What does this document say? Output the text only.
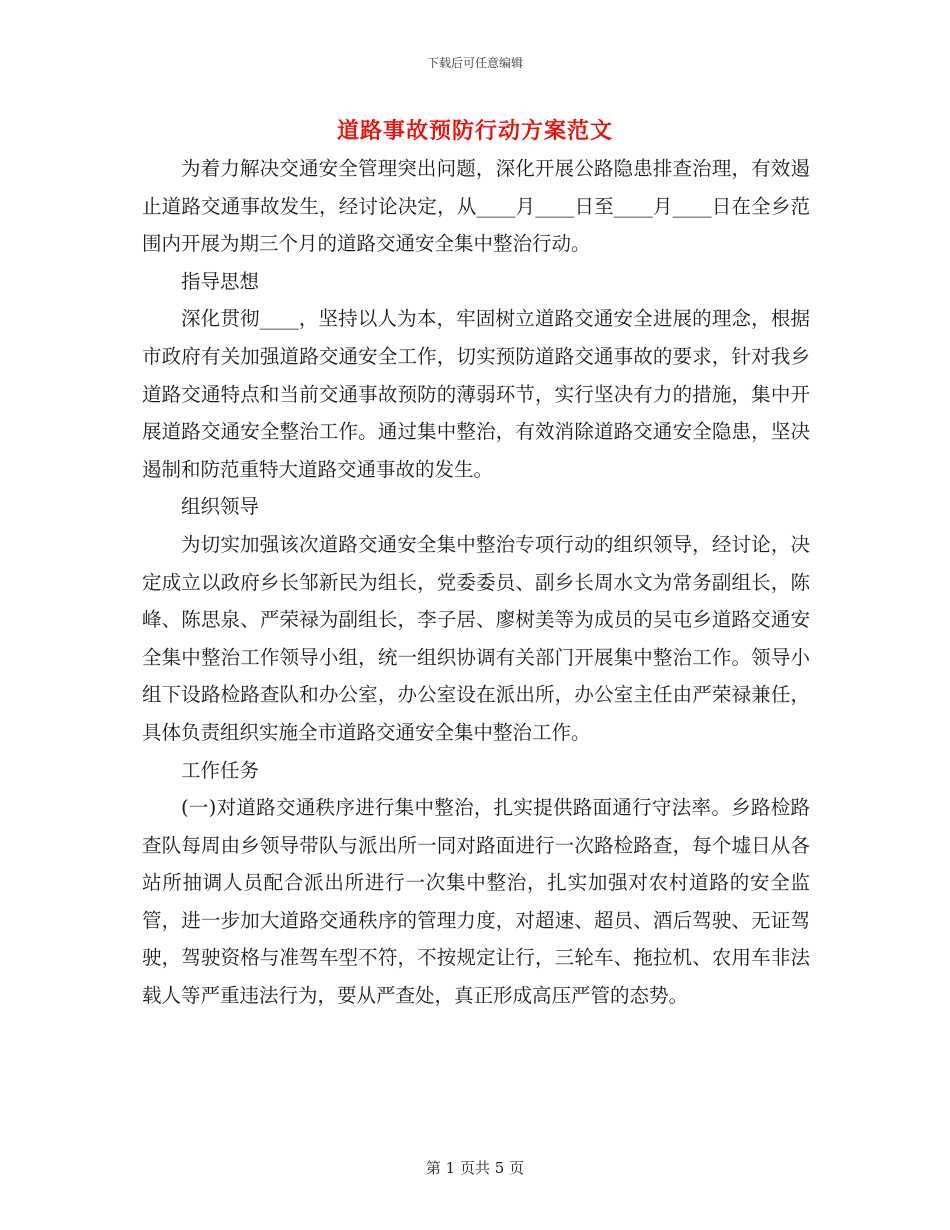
下载后可任意编辑
道路事故预防行动方案范文

为着力解决交通安全管理突出问题，深化开展公路隐患排查治理，有效遏止道路交通事故发生，经讨论决定，从____月____日至____月____日在全乡范围内开展为期三个月的道路交通安全集中整治行动。

指导思想

深化贯彻____，坚持以人为本，牢固树立道路交通安全进展的理念，根据市政府有关加强道路交通安全工作，切实预防道路交通事故的要求，针对我乡道路交通特点和当前交通事故预防的薄弱环节，实行坚决有力的措施，集中开展道路交通安全整治工作。通过集中整治，有效消除道路交通安全隐患，坚决遏制和防范重特大道路交通事故的发生。

组织领导

为切实加强该次道路交通安全集中整治专项行动的组织领导，经讨论，决定成立以政府乡长邹新民为组长，党委委员、副乡长周水文为常务副组长，陈峰、陈思泉、严荣禄为副组长，李子居、廖树美等为成员的吴屯乡道路交通安全集中整治工作领导小组，统一组织协调有关部门开展集中整治工作。领导小组下设路检路查队和办公室，办公室设在派出所，办公室主任由严荣禄兼任，具体负责组织实施全市道路交通安全集中整治工作。

工作任务

(一)对道路交通秩序进行集中整治，扎实提供路面通行守法率。乡路检路查队每周由乡领导带队与派出所一同对路面进行一次路检路查，每个墟日从各站所抽调人员配合派出所进行一次集中整治，扎实加强对农村道路的安全监管，进一步加大道路交通秩序的管理力度，对超速、超员、酒后驾驶、无证驾驶，驾驶资格与准驾车型不符，不按规定让行，三轮车、拖拉机、农用车非法载人等严重违法行为，要从严查处，真正形成高压严管的态势。

第 1 页共 5 页
